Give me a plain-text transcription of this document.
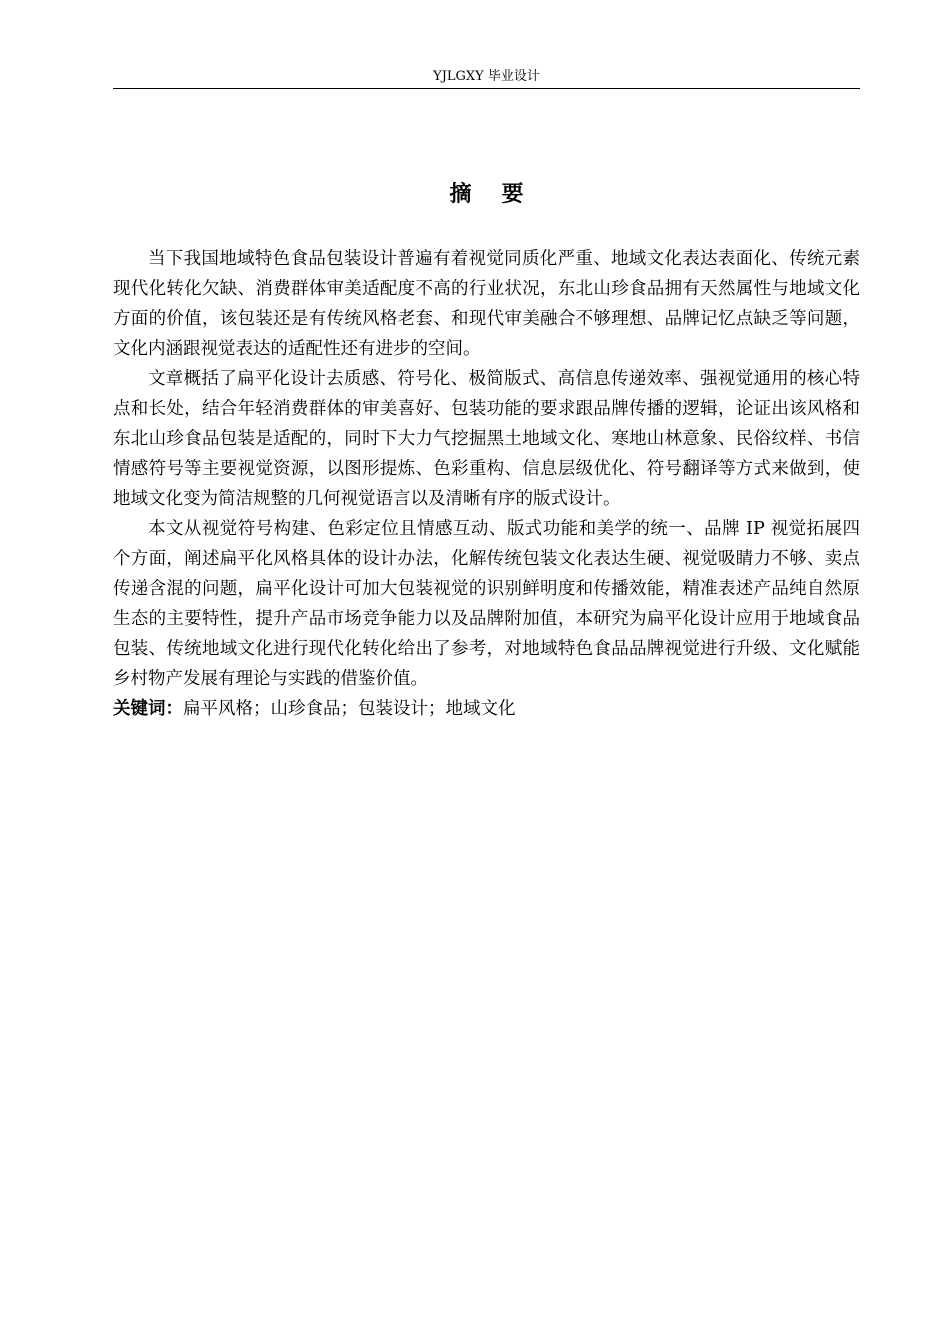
YJLGXY 毕业设计
摘要

当下我国地域特色食品包装设计普遍有着视觉同质化严重、地域文化表达表面化、传统元素现代化转化欠缺、消费群体审美适配度不高的行业状况，东北山珍食品拥有天然属性与地域文化方面的价值，该包装还是有传统风格老套、和现代审美融合不够理想、品牌记忆点缺乏等问题，文化内涵跟视觉表达的适配性还有进步的空间。

文章概括了扁平化设计去质感、符号化、极简版式、高信息传递效率、强视觉通用的核心特点和长处，结合年轻消费群体的审美喜好、包装功能的要求跟品牌传播的逻辑，论证出该风格和东北山珍食品包装是适配的，同时下大力气挖掘黑土地域文化、寒地山林意象、民俗纹样、书信情感符号等主要视觉资源，以图形提炼、色彩重构、信息层级优化、符号翻译等方式来做到，使地域文化变为简洁规整的几何视觉语言以及清晰有序的版式设计。

本文从视觉符号构建、色彩定位且情感互动、版式功能和美学的统一、品牌 IP 视觉拓展四个方面，阐述扁平化风格具体的设计办法，化解传统包装文化表达生硬、视觉吸睛力不够、卖点传递含混的问题，扁平化设计可加大包装视觉的识别鲜明度和传播效能，精准表述产品纯自然原生态的主要特性，提升产品市场竞争能力以及品牌附加值，本研究为扁平化设计应用于地域食品包装、传统地域文化进行现代化转化给出了参考，对地域特色食品品牌视觉进行升级、文化赋能乡村物产发展有理论与实践的借鉴价值。

关键词：扁平风格；山珍食品；包装设计；地域文化
